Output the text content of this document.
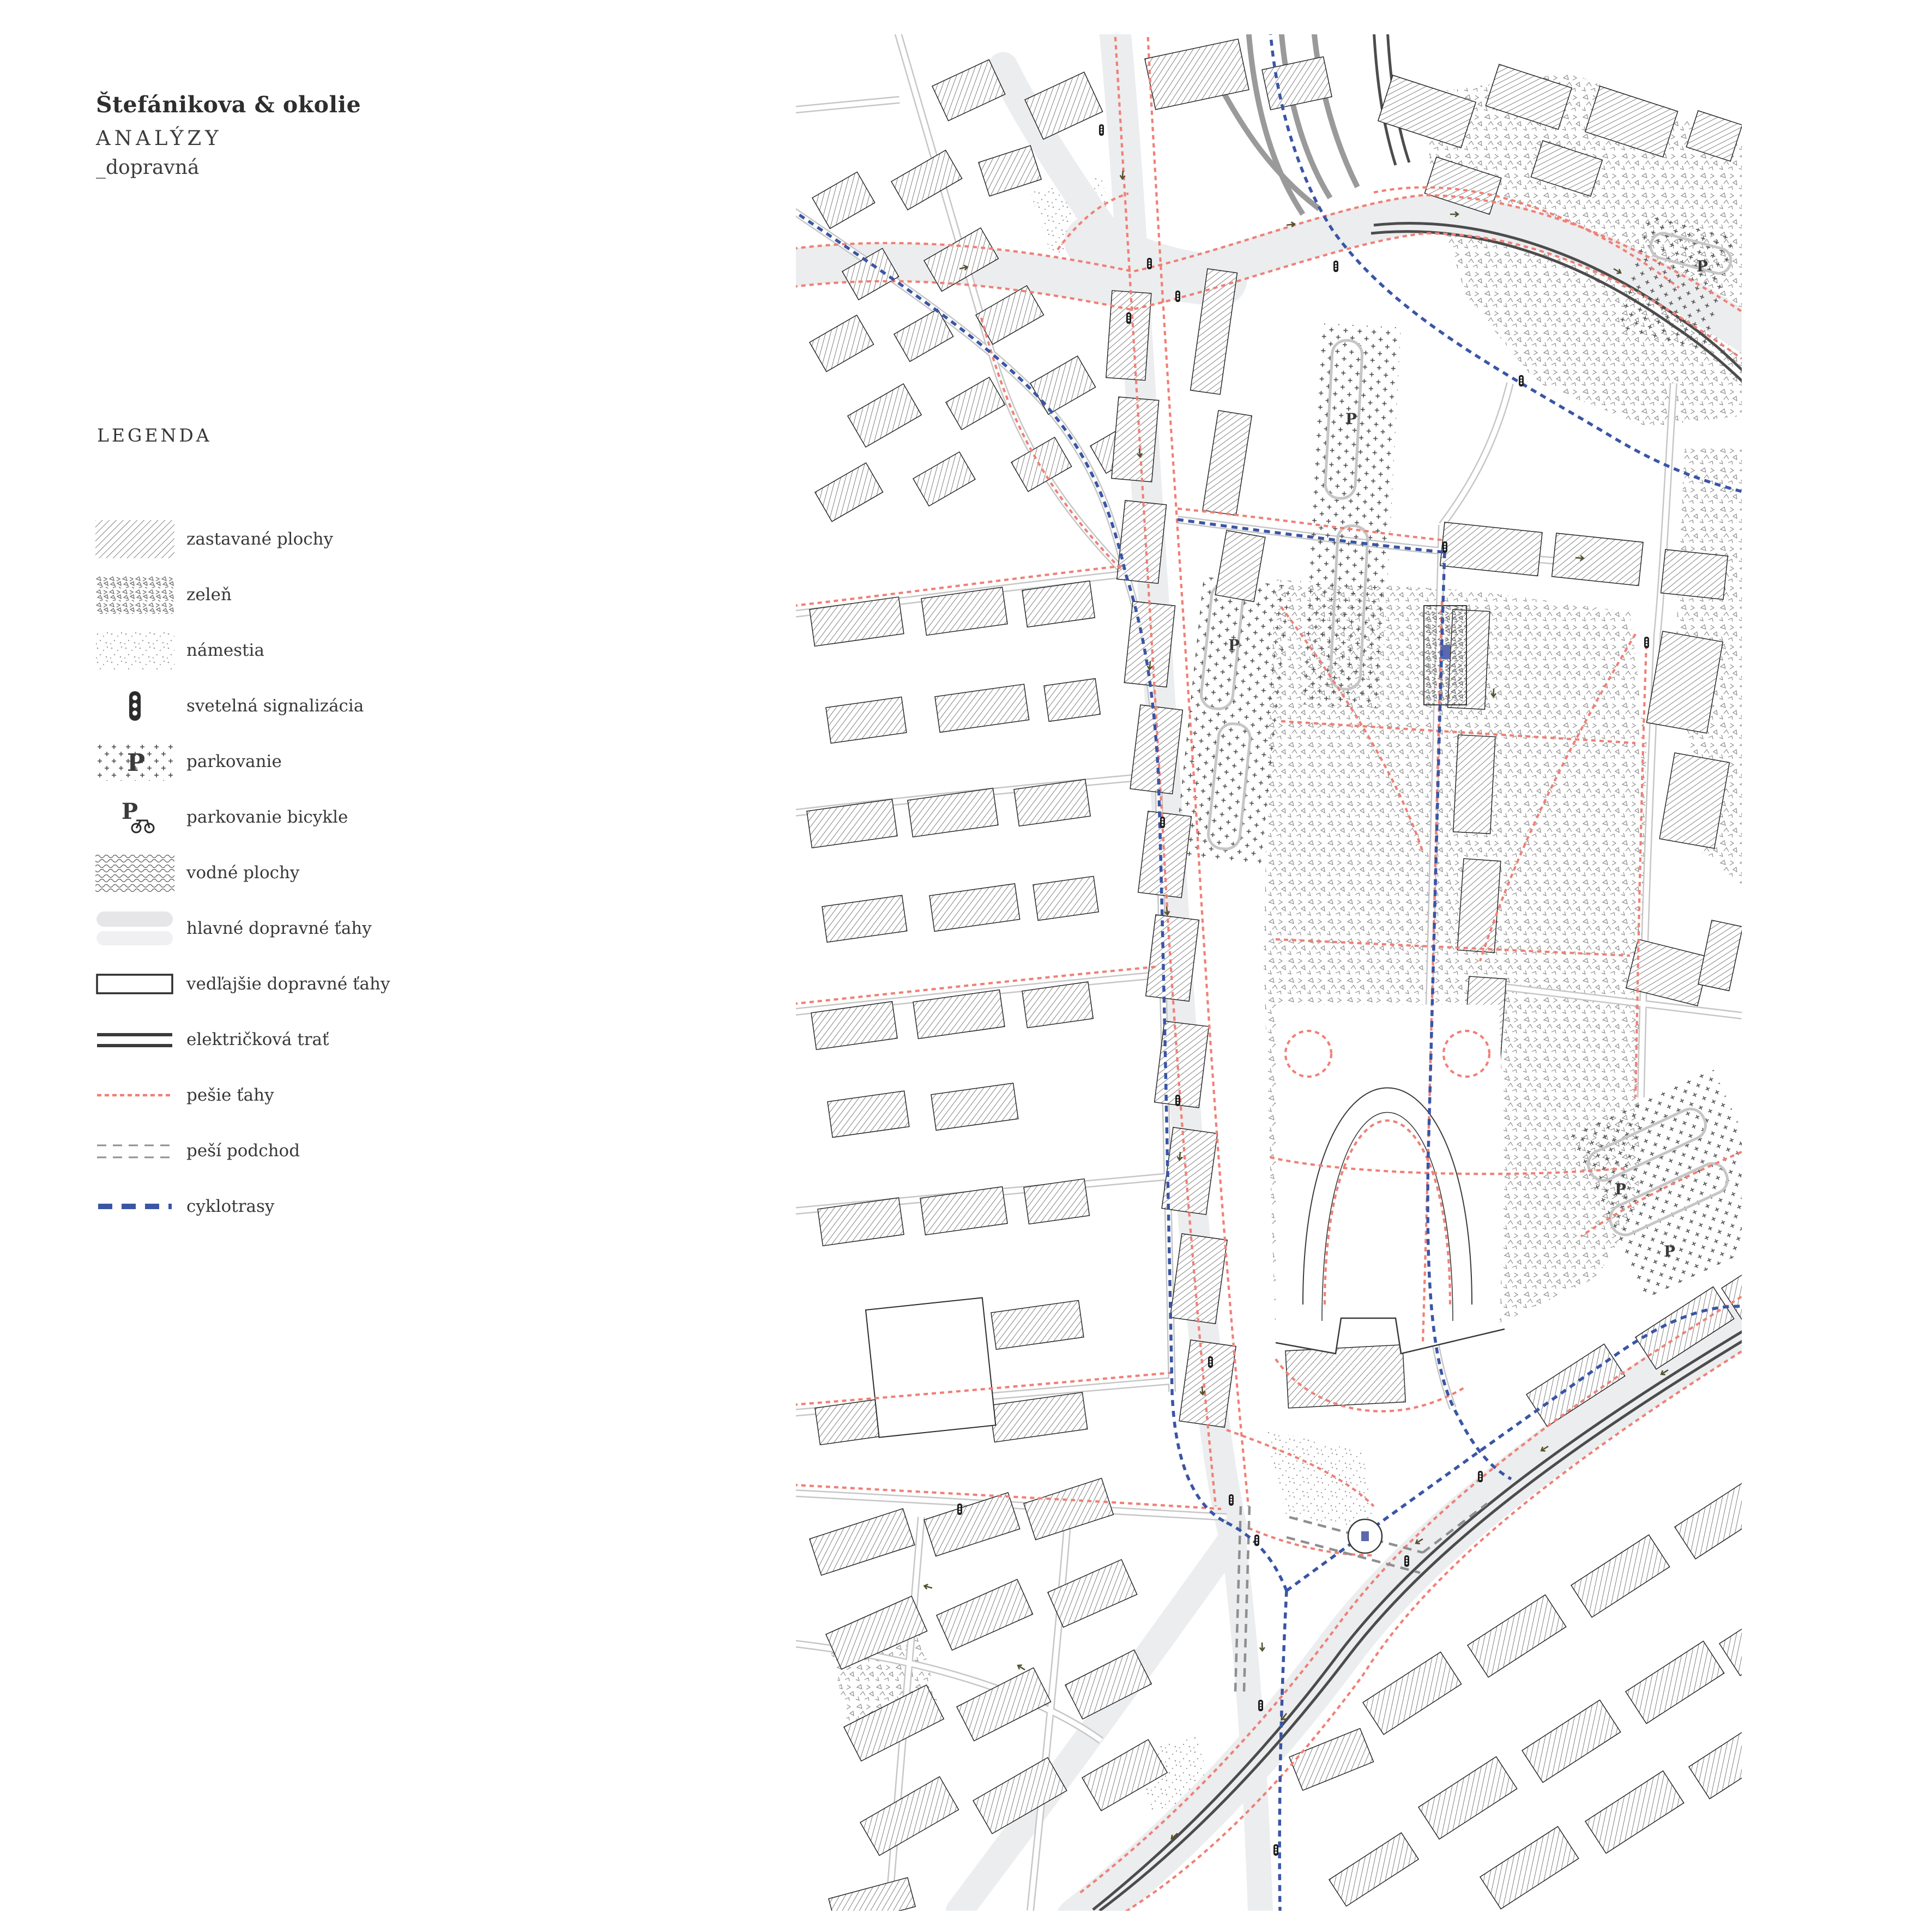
Štefánikova & okolie
ANALÝZY
_dopravná
LEGENDA
zastavané plochy
zeleň
námestia
svetelná signalizácia
P parkovanie
P	parkovanie bicykle
vodné plochy
hlavné dopravné ťahy
vedľajšie dopravné ťahy
električková trať
pešie ťahy
peší podchod
cyklotrasy
P
P
P
P
P
